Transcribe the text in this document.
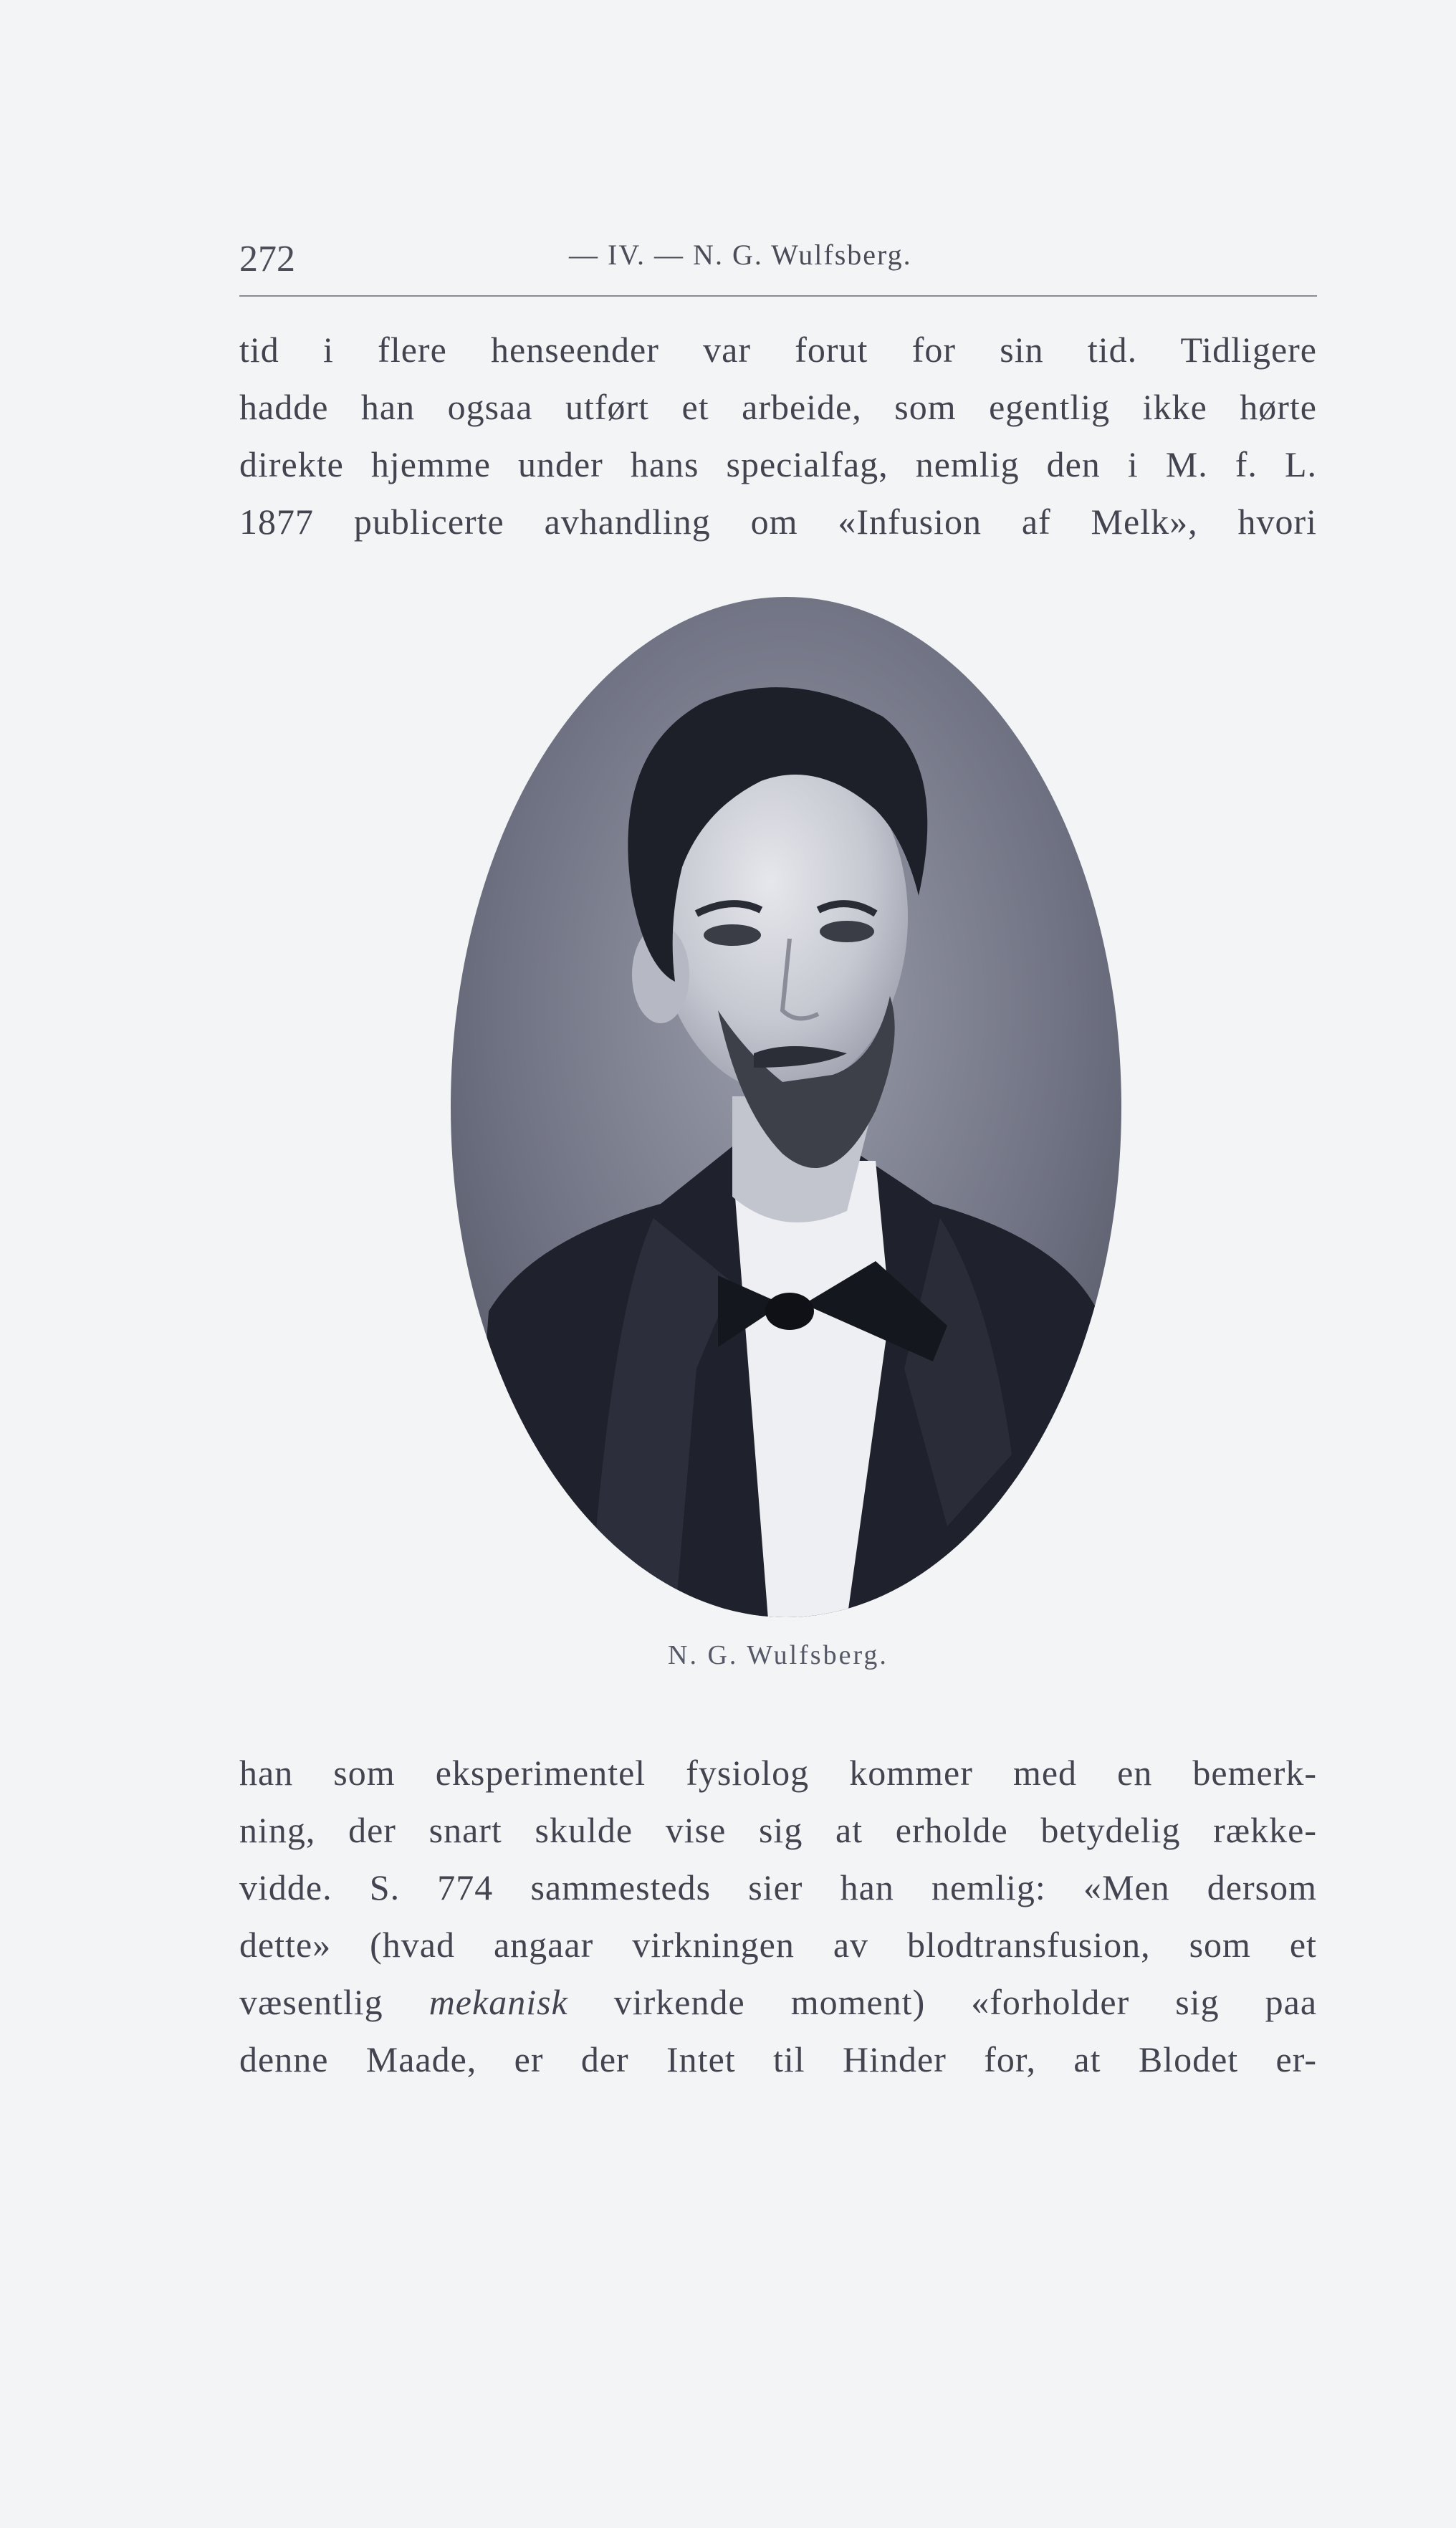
272	— IV. — N. G. Wulfsberg.
tid i flere henseender var forut for sin tid. Tidligere
hadde han ogsaa utført et arbeide, som egentlig ikke hørte
direkte hjemme under hans specialfag, nemlig den i M. f. L.
1877 publicerte avhandling om «Infusion af Melk», hvori
N. G. Wulfsberg.
han som eksperimentel fysiolog kommer med en bemerk-
ning, der snart skulde vise sig at erholde betydelig række-
vidde. S. 774 sammesteds sier han nemlig: «Men dersom
dette» (hvad angaar virkningen av blodtransfusion, som et
væsentlig mekanisk virkende moment) «forholder sig paa
denne Maade, er der Intet til Hinder for, at Blodet er-
